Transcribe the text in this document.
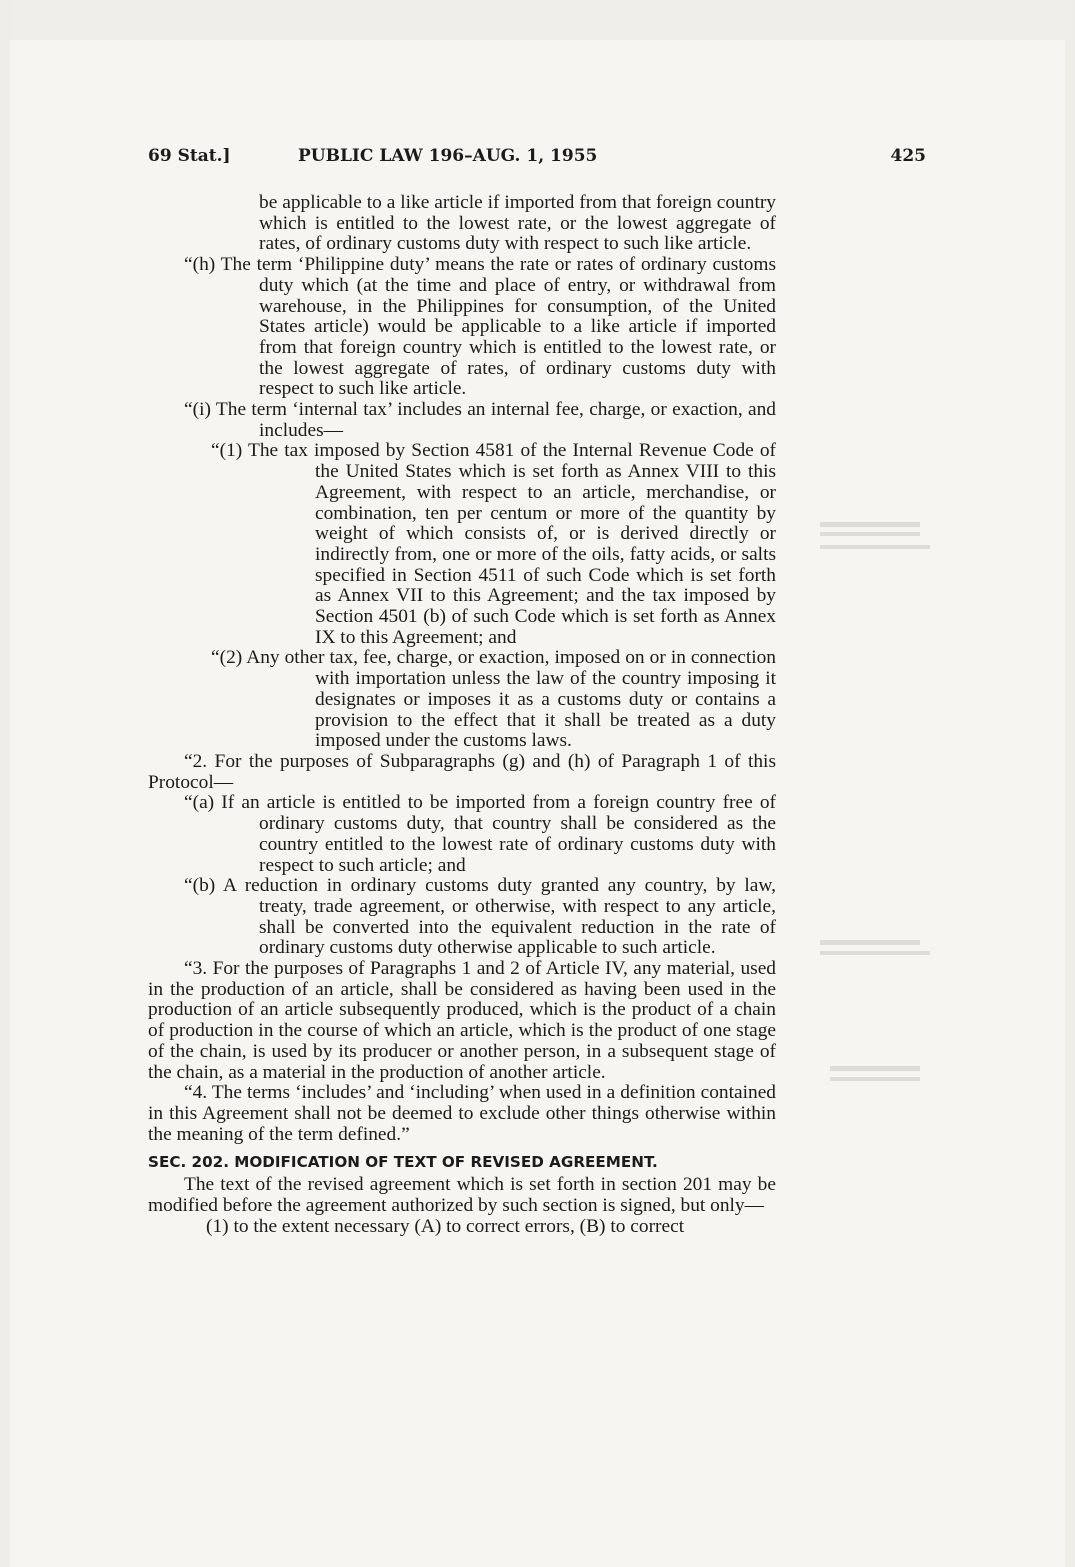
69 Stat.]	PUBLIC LAW 196–AUG. 1, 1955	425

be applicable to a like article if imported from that foreign country which is entitled to the lowest rate, or the lowest aggregate of rates, of ordinary customs duty with respect to such like article.

“(h) The term ‘Philippine duty’ means the rate or rates of ordinary customs duty which (at the time and place of entry, or withdrawal from warehouse, in the Philippines for consumption, of the United States article) would be applicable to a like article if imported from that foreign country which is entitled to the lowest rate, or the lowest aggregate of rates, of ordinary customs duty with respect to such like article.

“(i) The term ‘internal tax’ includes an internal fee, charge, or exaction, and includes—

“(1) The tax imposed by Section 4581 of the Internal Revenue Code of the United States which is set forth as Annex VIII to this Agreement, with respect to an article, merchandise, or combination, ten per centum or more of the quantity by weight of which consists of, or is derived directly or indirectly from, one or more of the oils, fatty acids, or salts specified in Section 4511 of such Code which is set forth as Annex VII to this Agreement; and the tax imposed by Section 4501 (b) of such Code which is set forth as Annex IX to this Agreement; and

“(2) Any other tax, fee, charge, or exaction, imposed on or in connection with importation unless the law of the country imposing it designates or imposes it as a customs duty or contains a provision to the effect that it shall be treated as a duty imposed under the customs laws.

“2. For the purposes of Subparagraphs (g) and (h) of Paragraph 1 of this Protocol—

“(a) If an article is entitled to be imported from a foreign country free of ordinary customs duty, that country shall be considered as the country entitled to the lowest rate of ordinary customs duty with respect to such article; and

“(b) A reduction in ordinary customs duty granted any country, by law, treaty, trade agreement, or otherwise, with respect to any article, shall be converted into the equivalent reduction in the rate of ordinary customs duty otherwise applicable to such article.

“3. For the purposes of Paragraphs 1 and 2 of Article IV, any material, used in the production of an article, shall be considered as having been used in the production of an article subsequently produced, which is the product of a chain of production in the course of which an article, which is the product of one stage of the chain, is used by its producer or another person, in a subsequent stage of the chain, as a material in the production of another article.

“4. The terms ‘includes’ and ‘including’ when used in a definition contained in this Agreement shall not be deemed to exclude other things otherwise within the meaning of the term defined.”

SEC. 202. MODIFICATION OF TEXT OF REVISED AGREEMENT.

The text of the revised agreement which is set forth in section 201 may be modified before the agreement authorized by such section is signed, but only—

(1) to the extent necessary (A) to correct errors, (B) to correct
